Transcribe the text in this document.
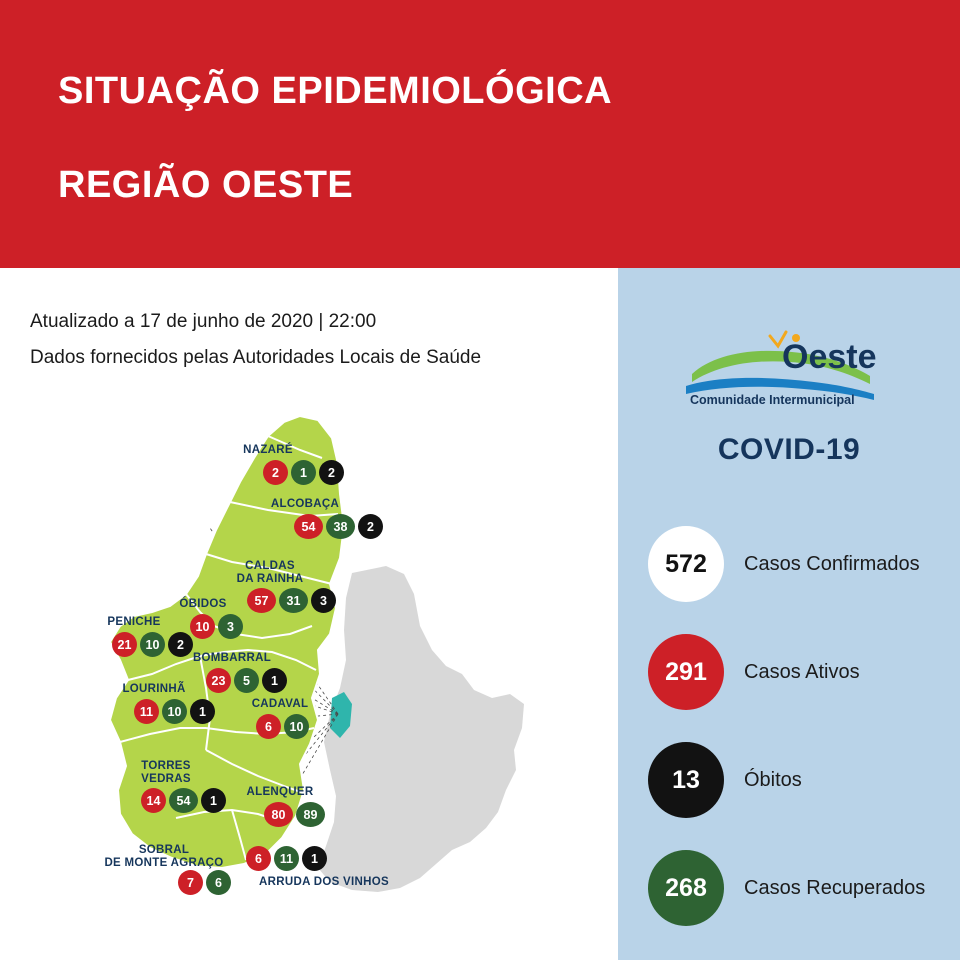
SITUAÇÃO EPIDEMIOLÓGICA
REGIÃO OESTE
Atualizado a 17 de junho de 2020 | 22:00
Dados fornecidos pelas Autoridades Locais de Saúde
NAZARÉ
2	1	2
ALCOBAÇA
54	38	2
CALDAS
DA RAINHA
57	31	3
ÓBIDOS
10	3
PENICHE
21	10	2
BOMBARRAL
23	5	1
LOURINHÃ
11	10	1
CADAVAL
6	10
TORRES
VEDRAS
14	54	1
ALENQUER
80	89
6	11	1
ARRUDA DOS VINHOS
SOBRAL
DE MONTE AGRAÇO
7	6
Oeste
Comunidade Intermunicipal
COVID-19
572 Casos Confirmados
291 Casos Ativos
13 Óbitos
268 Casos Recuperados
